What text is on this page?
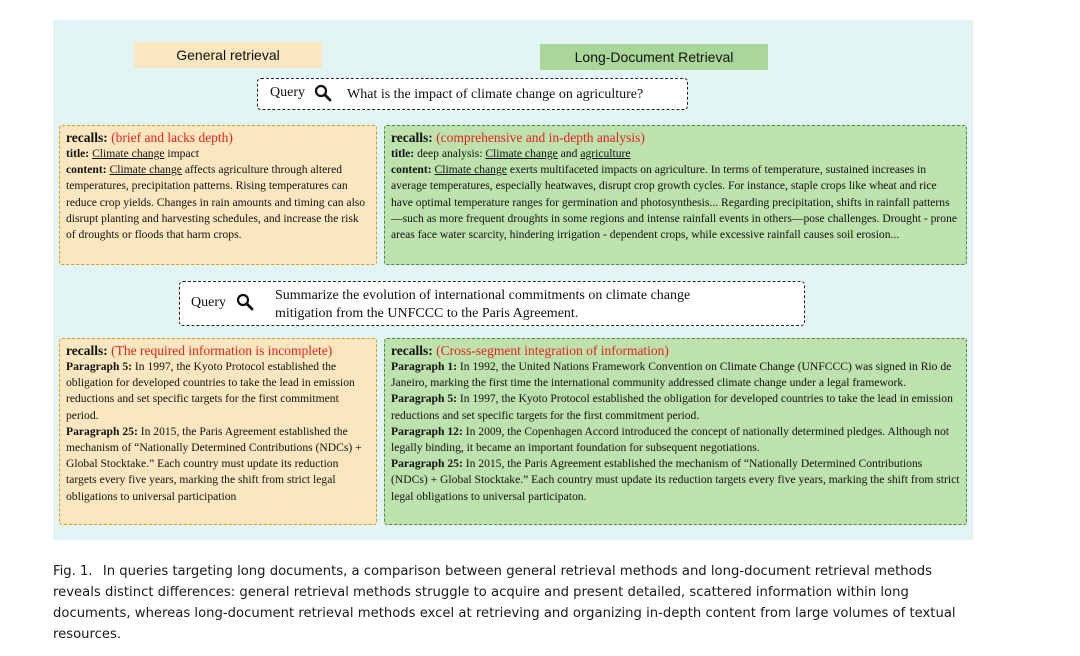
General retrieval	Long-Document Retrieval
Query	What is the impact of climate change on agriculture?
recalls: (brief and lacks depth)
title: Climate change impact
content: Climate change affects agriculture through altered temperatures, precipitation patterns. Rising temperatures can reduce crop yields. Changes in rain amounts and timing can also disrupt planting and harvesting schedules, and increase the risk of droughts or floods that harm crops.
recalls: (comprehensive and in-depth analysis)
title: deep analysis: Climate change and agriculture
content: Climate change exerts multifaceted impacts on agriculture. In terms of temperature, sustained increases in average temperatures, especially heatwaves, disrupt crop growth cycles. For instance, staple crops like wheat and rice have optimal temperature ranges for germination and photosynthesis... Regarding precipitation, shifts in rainfall patterns—such as more frequent droughts in some regions and intense rainfall events in others—pose challenges. Drought - prone areas face water scarcity, hindering irrigation - dependent crops, while excessive rainfall causes soil erosion...
Query	Summarize the evolution of international commitments on climate change
mitigation from the UNFCCC to the Paris Agreement.
recalls: (The required information is incomplete)
Paragraph 5: In 1997, the Kyoto Protocol established the obligation for developed countries to take the lead in emission reductions and set specific targets for the first commitment period.
Paragraph 25: In 2015, the Paris Agreement established the mechanism of “Nationally Determined Contributions (NDCs) + Global Stocktake.” Each country must update its reduction targets every five years, marking the shift from strict legal obligations to universal participation
recalls: (Cross-segment integration of information)
Paragraph 1: In 1992, the United Nations Framework Convention on Climate Change (UNFCCC) was signed in Rio de Janeiro, marking the first time the international community addressed climate change under a legal framework.
Paragraph 5: In 1997, the Kyoto Protocol established the obligation for developed countries to take the lead in emission reductions and set specific targets for the first commitment period.
Paragraph 12: In 2009, the Copenhagen Accord introduced the concept of nationally determined pledges. Although not legally binding, it became an important foundation for subsequent negotiations.
Paragraph 25: In 2015, the Paris Agreement established the mechanism of “Nationally Determined Contributions (NDCs) + Global Stocktake.” Each country must update its reduction targets every five years, marking the shift from strict legal obligations to universal participaton.
Fig. 1. In queries targeting long documents, a comparison between general retrieval methods and long-document retrieval methods reveals distinct differences: general retrieval methods struggle to acquire and present detailed, scattered information within long documents, whereas long-document retrieval methods excel at retrieving and organizing in-depth content from large volumes of textual resources.
